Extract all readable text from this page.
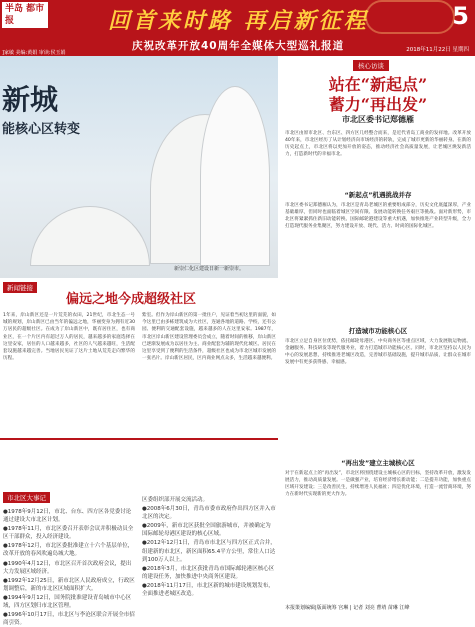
半岛 都市报	回首来时路 再启新征程	5
庆祝改革开放40周年全媒体大型巡礼报道	2018年11月22日 星期四
]家敏 美编:黄娟 审读:侯玉娟
新城
能核心区转变
新崇仁化区建设日新一新崇市。
新闻链接
偏远之地今成超级社区
1年来，岸山新区还是一片荒芜的农田，21世纪，市北生态一号城的规划，岸山新区已由当年的偏远之地，华丽变身为拥有近30万居民的超级社区。在成为了岸山新区中，既有居住区，也有商业区，在一个片区内有超过万人的居民，越来越多的家庭选择在这里安家，居住的人口越来越多，社区的人气越来越旺，生活配套设施越来越完善。当地居民见证了这片土地从荒芜走向繁华的历程。
紫室。但作为岸山新区的第一批住户，见证着当初这里的面貌，如今这里已由多栋建筑成为大社区，连通各地的道路、学校，还有公园、便利的交通配套设施，越来越多的人在这里安家。1987年，市北区岸山新区建设管理委员会成立，随着时间的推移，岸山新区已逐渐发展成为以居住为主、商业配套为辅的现代化城区。居民在这里享受到了便利的生活条件，超级社区也成为市北区城市发展的一张名片。岸山新区居民，区内商业网点众多，生活越来越便利。
市北区大事记

●1978年9月12日，市北、台东、四方区各党委讨论通过建设大市北区计划。

●1978年11月，市北区委召开表彰会议并积极动员全区干部群众，投入经济建设。

●1978年12月，市北区委批准建立十六个基层单位，改革开放的春风吹遍岛城大地。

●1990年4月12日，市北区召开首次政府会议，提出大力发展区域经济。

●1992年12月25日，新市北区人民政府成立，行政区划调整后，新的市北区区域面积扩大。

●1994年9月12日，国务院批准建设青岛城市中心区域，四方区划归市北区管理。

●1996年10月17日，市北区与李沧区联合开展全市招商引资。

区委组织部开展交流活动。

●2008年6月30日，青岛市委市政府作出四方区并入市北区的决定。

●2009年，新市北区获批全国旅游城市，并被确定为国际邮轮母港区建设的核心区域。

●2012年12月1日，青岛市市北区与四方区正式合并，组建新的市北区，新区面积65.4平方公里，常住人口达到100万人以上。

●2018年3月，市北区获批青岛市国际邮轮港区核心区的建设任务，加快推进中央商务区建设。

●2018年11月17日，市北区新的城市建设规划发布，全面推进老城区改造。

核心访谈
站在“新起点”
蓄力“再出发”
市北区委书记郑德雁
市北区由原市北区、台东区、四方区几经整合而来，是近代青岛工商业的发祥地。改革开放40年来，市北区经历了从计划经济向市场经济的转轨，完成了城市更新的华丽转身。在新的历史起点上，市北区将以更加开放的姿态，推动经济社会高质量发展，让老城区焕发新活力，打造新时代的幸福市北。
“新起点”机遇挑战并存
市北区委书记郑德雁认为，市北区是青岛老城区的重要组成部分，历史文化底蕴深厚，产业基础雄厚，但同时也面临着城区空间有限、发展动能转换任务艰巨等挑战。面对新形势，市北区将紧紧抓住新旧动能转换、国际邮轮港建设等重大机遇，加快推进产业转型升级，全力打造现代服务业集聚区，努力建设开放、现代、活力、时尚的国际化城区。
打造城市功能核心区
市北区立足自身区位优势，依托邮轮母港区、中央商务区等重点区域，大力发展航运物流、金融服务、科技研发等现代服务业，着力打造城市功能核心区。同时，市北区坚持以人民为中心的发展思想，持续推进老城区改造，完善城市基础设施，提升城市品质，让群众在城市发展中有更多获得感、幸福感。
“再出发”建立主城核心区
对于在新起点上的“再出发”，市北区将围绕建设主城核心区的目标，坚持改革开放，激发发展活力，推动高质量发展。一是做强产业，培育经济增长新动能；二是提升功能，加快重点区域开发建设；三是改善民生，持续增进人民福祉；四是优化环境，打造一流营商环境，努力在新时代实现新的更大作为。
本报策划编辑|版面统筹 宫琳 | 记者 刘亮 曹靖 苗琳 江峰
